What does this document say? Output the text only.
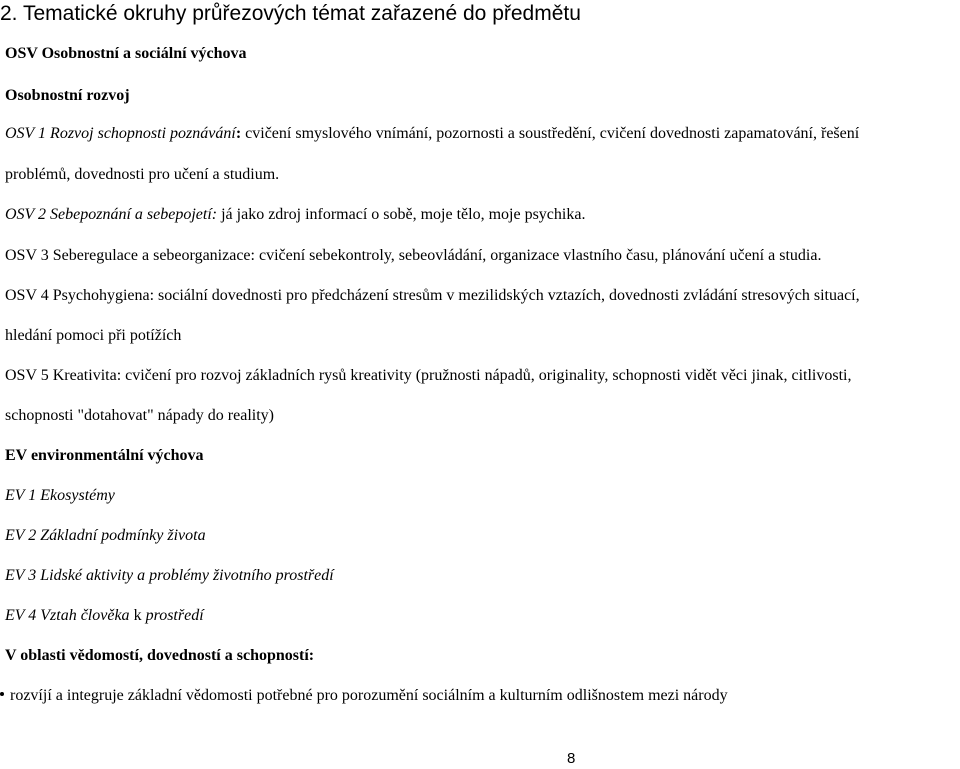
2. Tematické okruhy průřezových témat zařazené do předmětu
OSV Osobnostní a sociální výchova
Osobnostní rozvoj
OSV 1 Rozvoj schopnosti poznávání: cvičení smyslového vnímání, pozornosti a soustředění, cvičení dovednosti zapamatování, řešení
problémů, dovednosti pro učení a studium.
OSV 2 Sebepoznání a sebepojetí: já jako zdroj informací o sobě, moje tělo, moje psychika.
OSV 3 Seberegulace a sebeorganizace: cvičení sebekontroly, sebeovládání, organizace vlastního času, plánování učení a studia.
OSV 4 Psychohygiena: sociální dovednosti pro předcházení stresům v mezilidských vztazích, dovednosti zvládání stresových situací,
hledání pomoci při potížích
OSV 5 Kreativita: cvičení pro rozvoj základních rysů kreativity (pružnosti nápadů, originality, schopnosti vidět věci jinak, citlivosti,
schopnosti "dotahovat" nápady do reality)
EV environmentální výchova
EV 1 Ekosystémy
EV 2 Základní podmínky života
EV 3 Lidské aktivity a problémy životního prostředí
EV 4 Vztah člověka k prostředí
V oblasti vědomostí, dovedností a schopností:
rozvíjí a integruje základní vědomosti potřebné pro porozumění sociálním a kulturním odlišnostem mezi národy
8
